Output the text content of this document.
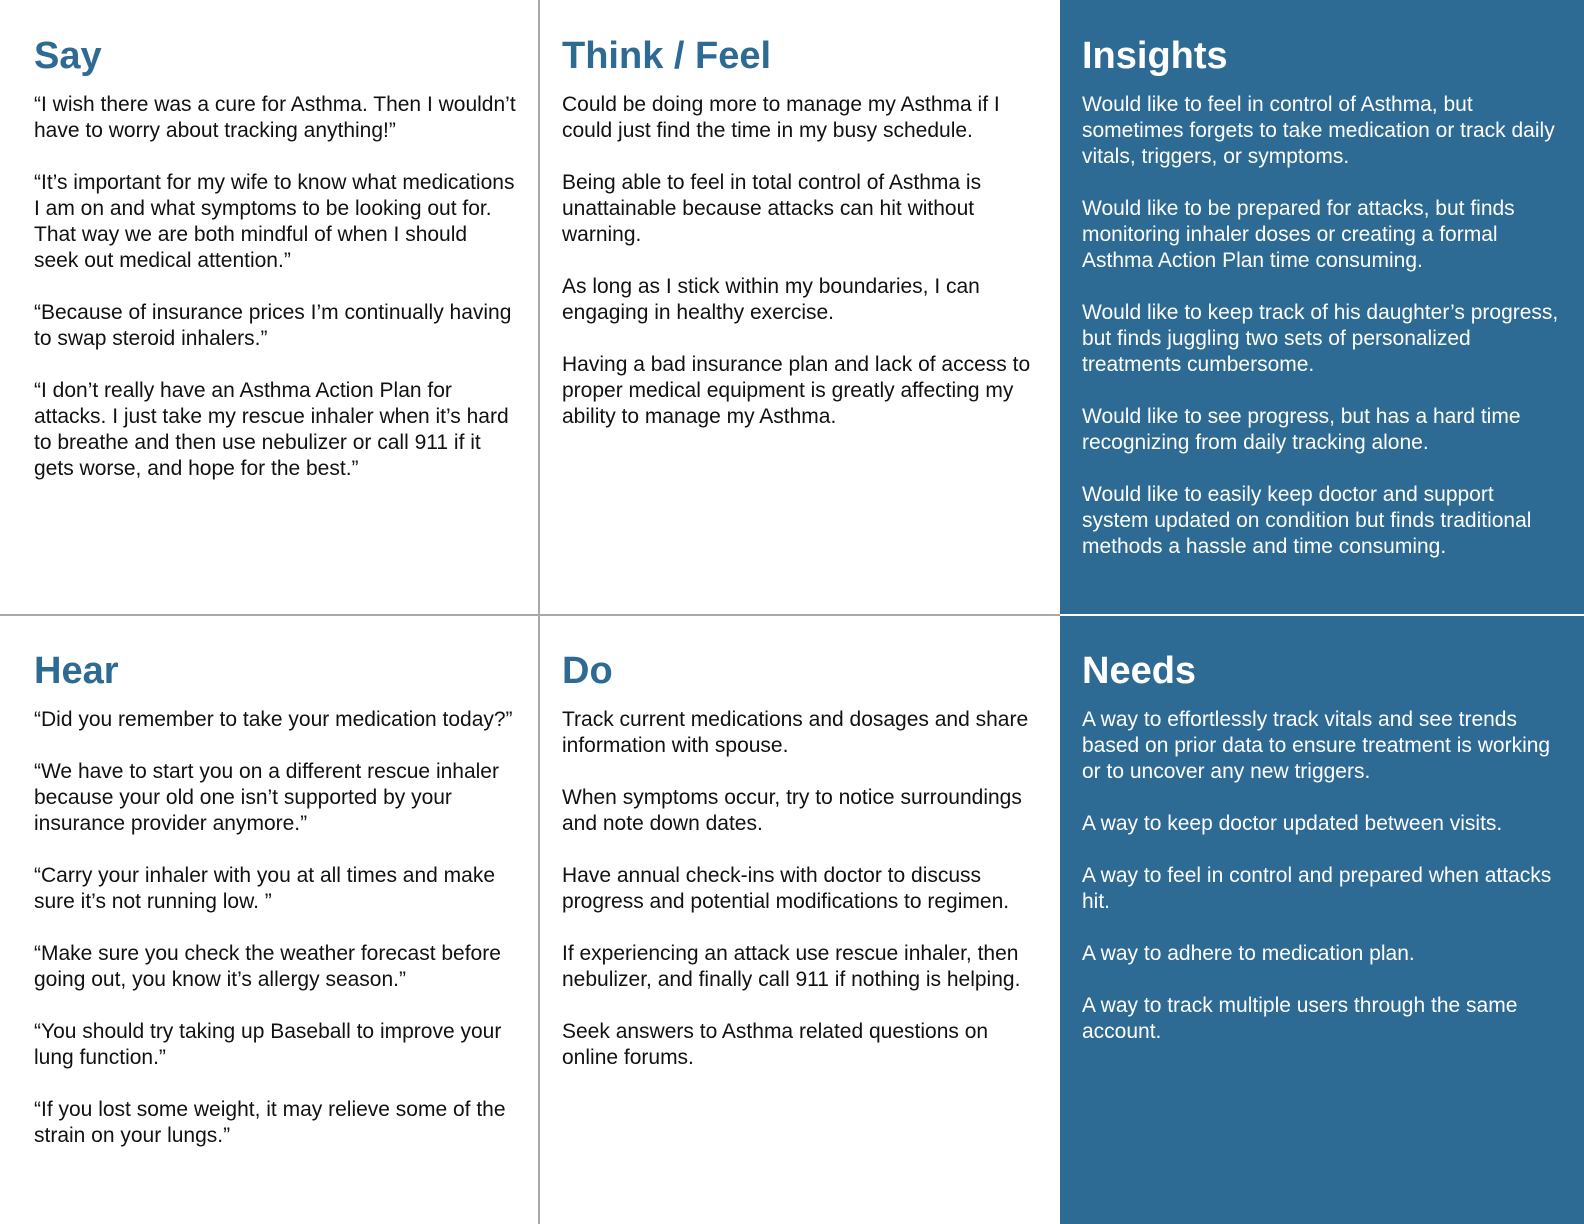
Say

“I wish there was a cure for Asthma. Then I wouldn’t have to worry about tracking anything!”

“It’s important for my wife to know what medications I am on and what symptoms to be looking out for. That way we are both mindful of when I should seek out medical attention.”

“Because of insurance prices I’m continually having to swap steroid inhalers.”

“I don’t really have an Asthma Action Plan for attacks. I just take my rescue inhaler when it’s hard to breathe and then use nebulizer or call 911 if it gets worse, and hope for the best.”

Think / Feel

Could be doing more to manage my Asthma if I could just find the time in my busy schedule.

Being able to feel in total control of Asthma is unattainable because attacks can hit without warning.

As long as I stick within my boundaries, I can engaging in healthy exercise.

Having a bad insurance plan and lack of access to proper medical equipment is greatly affecting my ability to manage my Asthma.

Insights

Would like to feel in control of Asthma, but sometimes forgets to take medication or track daily vitals, triggers, or symptoms.

Would like to be prepared for attacks, but finds monitoring inhaler doses or creating a formal Asthma Action Plan time consuming.

Would like to keep track of his daughter’s progress, but finds juggling two sets of personalized treatments cumbersome.

Would like to see progress, but has a hard time recognizing from daily tracking alone.

Would like to easily keep doctor and support system updated on condition but finds traditional methods a hassle and time consuming.

Hear

“Did you remember to take your medication today?”

“We have to start you on a different rescue inhaler because your old one isn’t supported by your insurance provider anymore.”

“Carry your inhaler with you at all times and make sure it’s not running low. ”

“Make sure you check the weather forecast before going out, you know it’s allergy season.”

“You should try taking up Baseball to improve your lung function.”

“If you lost some weight, it may relieve some of the strain on your lungs.”

Do

Track current medications and dosages and share information with spouse.

When symptoms occur, try to notice surroundings and note down dates.

Have annual check-ins with doctor to discuss progress and potential modifications to regimen.

If experiencing an attack use rescue inhaler, then nebulizer, and finally call 911 if nothing is helping.

Seek answers to Asthma related questions on online forums.

Needs

A way to effortlessly track vitals and see trends based on prior data to ensure treatment is working or to uncover any new triggers.

A way to keep doctor updated between visits.

A way to feel in control and prepared when attacks hit.

A way to adhere to medication plan.

A way to track multiple users through the same account.
